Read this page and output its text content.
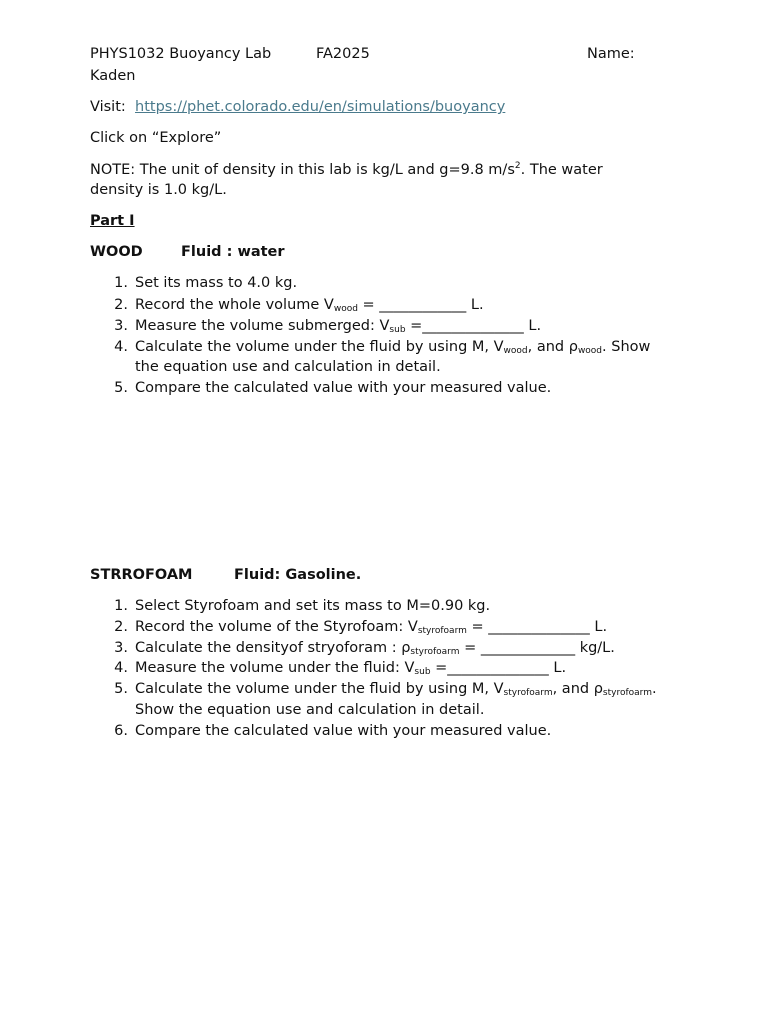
PHYS1032 Buoyancy Lab	FA2025	Name:
Kaden
Visit: https://phet.colorado.edu/en/simulations/buoyancy
Click on “Explore”
NOTE: The unit of density in this lab is kg/L and g=9.8 $m/s^2$. The water
density is 1.0 kg/L.
Part I
WOOD	Fluid : water
1. Set its mass to 4.0 kg.
2. Record the whole volume $V_{wood}$ = ____________ L.
3. Measure the volume submerged: $V_{sub}$ =______________ L.
4. Calculate the volume under the fluid by using M, $V_{wood}$, and $\rho_{wood}$. Show
the equation use and calculation in detail.
5. Compare the calculated value with your measured value.
STRROFOAM	Fluid: Gasoline.
1. Select Styrofoam and set its mass to M=0.90 kg.
2. Record the volume of the Styrofoam: $V_{styrofoarm}$ = ______________ L.
3. Calculate the densityof stryoforam : $\rho_{styrofoarm}$ = _____________ kg/L.
4. Measure the volume under the fluid: $V_{sub}$ =______________ L.
5. Calculate the volume under the fluid by using M, $V_{styrofoarm}$, and $\rho_{styrofoarm}$.
Show the equation use and calculation in detail.
6. Compare the calculated value with your measured value.
